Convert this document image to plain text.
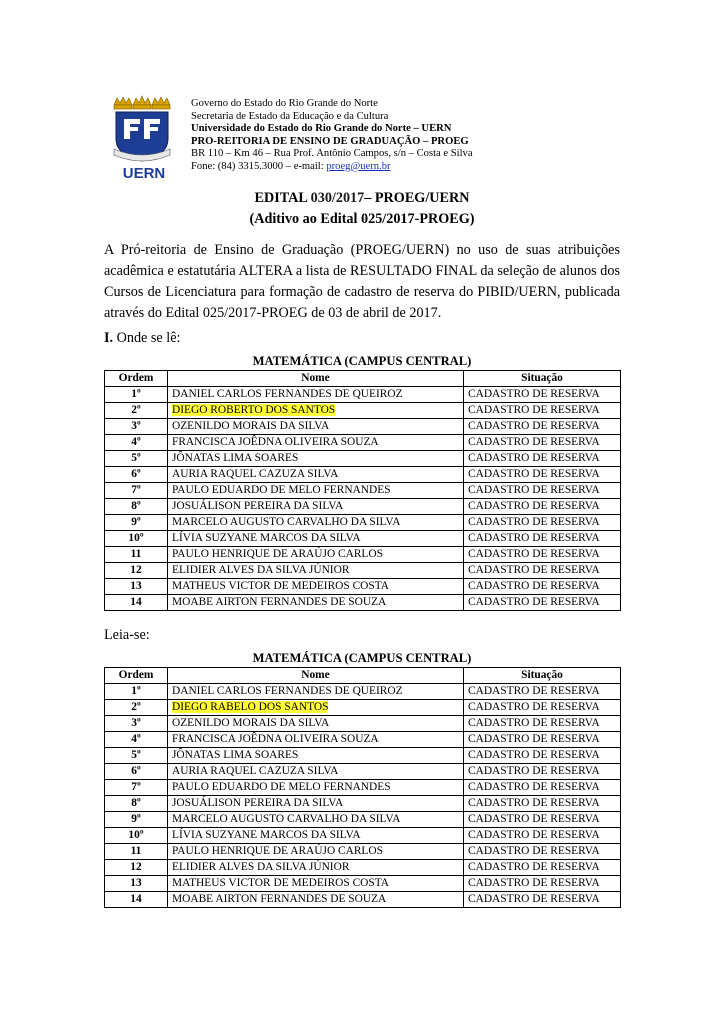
UERN
Governo do Estado do Rio Grande do Norte
Secretaria de Estado da Educação e da Cultura
Universidade do Estado do Rio Grande do Norte – UERN
PRO-REITORIA DE ENSINO DE GRADUAÇÃO – PROEG
BR 110 – Km 46 – Rua Prof. Antônio Campos, s/n – Costa e Silva
Fone: (84) 3315.3000 – e-mail: proeg@uern.br
EDITAL 030/2017– PROEG/UERN
(Aditivo ao Edital 025/2017-PROEG)
A Pró-reitoria de Ensino de Graduação (PROEG/UERN) no uso de suas atribuições acadêmica e estatutária ALTERA a lista de RESULTADO FINAL da seleção de alunos dos Cursos de Licenciatura para formação de cadastro de reserva do PIBID/UERN, publicada através do Edital 025/2017-PROEG de 03 de abril de 2017.
I. Onde se lê:
MATEMÁTICA (CAMPUS CENTRAL)
Ordem	Nome	Situação
1º	DANIEL CARLOS FERNANDES DE QUEIROZ	CADASTRO DE RESERVA
2º	DIEGO ROBERTO DOS SANTOS	CADASTRO DE RESERVA
3º	OZENILDO MORAIS DA SILVA	CADASTRO DE RESERVA
4º	FRANCISCA JOÊDNA OLIVEIRA SOUZA	CADASTRO DE RESERVA
5º	JÔNATAS LIMA SOARES	CADASTRO DE RESERVA
6º	AURIA RAQUEL CAZUZA SILVA	CADASTRO DE RESERVA
7º	PAULO EDUARDO DE MELO FERNANDES	CADASTRO DE RESERVA
8º	JOSUÁLISON PEREIRA DA SILVA	CADASTRO DE RESERVA
9º	MARCELO AUGUSTO CARVALHO DA SILVA	CADASTRO DE RESERVA
10º	LÍVIA SUZYANE MARCOS DA SILVA	CADASTRO DE RESERVA
11	PAULO HENRIQUE DE ARAÚJO CARLOS	CADASTRO DE RESERVA
12	ELIDIER ALVES DA SILVA JÚNIOR	CADASTRO DE RESERVA
13	MATHEUS VICTOR DE MEDEIROS COSTA	CADASTRO DE RESERVA
14	MOABE AIRTON FERNANDES DE SOUZA	CADASTRO DE RESERVA
Leia-se:
MATEMÁTICA (CAMPUS CENTRAL)
Ordem	Nome	Situação
1º	DANIEL CARLOS FERNANDES DE QUEIROZ	CADASTRO DE RESERVA
2º	DIEGO RABELO DOS SANTOS	CADASTRO DE RESERVA
3º	OZENILDO MORAIS DA SILVA	CADASTRO DE RESERVA
4º	FRANCISCA JOÊDNA OLIVEIRA SOUZA	CADASTRO DE RESERVA
5º	JÔNATAS LIMA SOARES	CADASTRO DE RESERVA
6º	AURIA RAQUEL CAZUZA SILVA	CADASTRO DE RESERVA
7º	PAULO EDUARDO DE MELO FERNANDES	CADASTRO DE RESERVA
8º	JOSUÁLISON PEREIRA DA SILVA	CADASTRO DE RESERVA
9º	MARCELO AUGUSTO CARVALHO DA SILVA	CADASTRO DE RESERVA
10º	LÍVIA SUZYANE MARCOS DA SILVA	CADASTRO DE RESERVA
11	PAULO HENRIQUE DE ARAÚJO CARLOS	CADASTRO DE RESERVA
12	ELIDIER ALVES DA SILVA JÚNIOR	CADASTRO DE RESERVA
13	MATHEUS VICTOR DE MEDEIROS COSTA	CADASTRO DE RESERVA
14	MOABE AIRTON FERNANDES DE SOUZA	CADASTRO DE RESERVA
